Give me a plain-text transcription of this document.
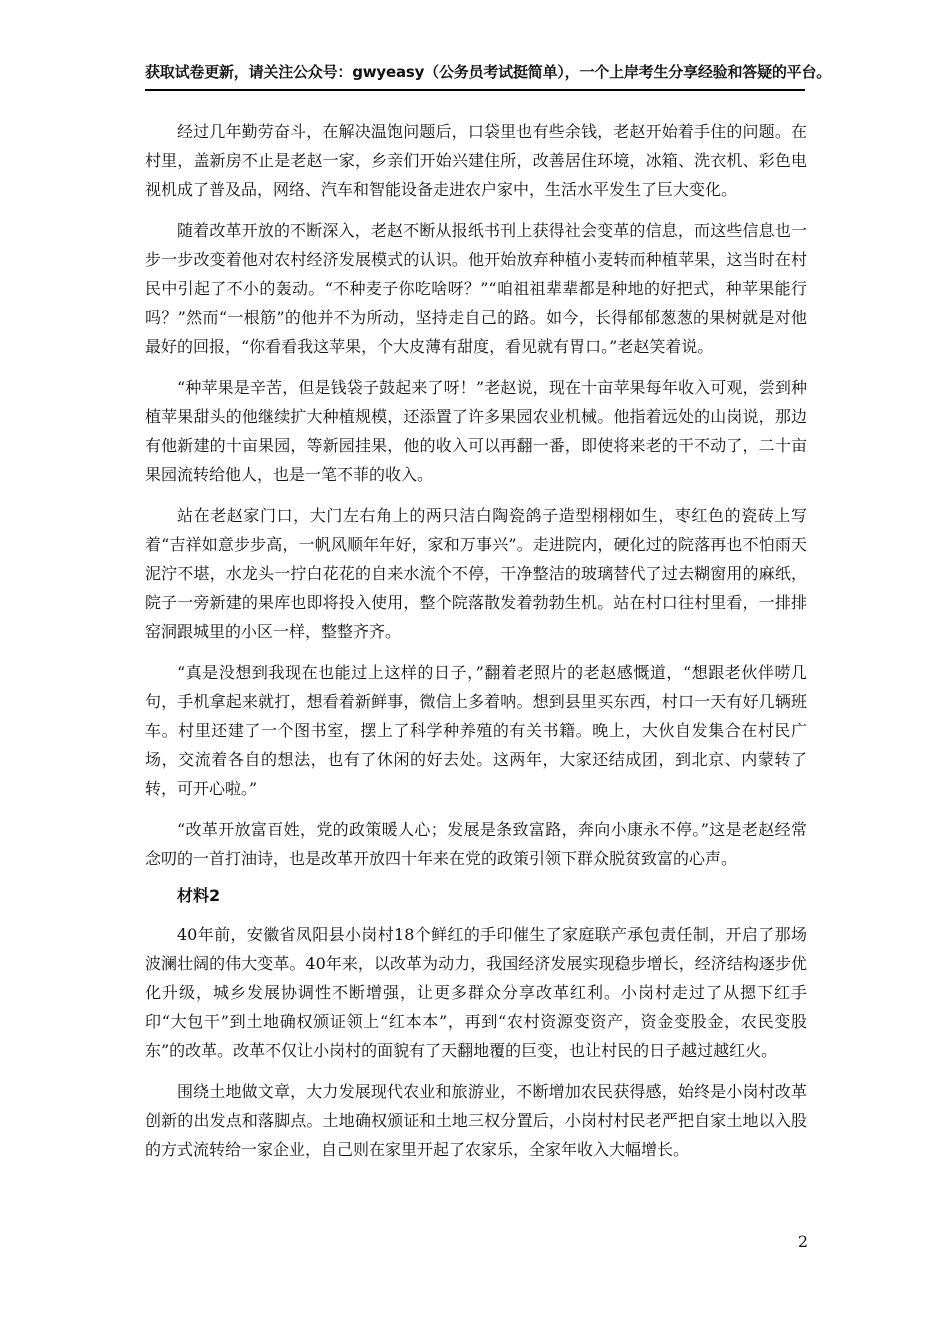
获取试卷更新，请关注公众号：gwyeasy（公务员考试挺简单），一个上岸考生分享经验和答疑的平台。

经过几年勤劳奋斗，在解决温饱问题后，口袋里也有些余钱，老赵开始着手住的问题。在村里，盖新房不止是老赵一家，乡亲们开始兴建住所，改善居住环境，冰箱、洗衣机、彩色电视机成了普及品，网络、汽车和智能设备走进农户家中，生活水平发生了巨大变化。

随着改革开放的不断深入，老赵不断从报纸书刊上获得社会变革的信息，而这些信息也一步一步改变着他对农村经济发展模式的认识。他开始放弃种植小麦转而种植苹果，这当时在村民中引起了不小的轰动。“不种麦子你吃啥呀？”“咱祖祖辈辈都是种地的好把式，种苹果能行吗？”然而“一根筋”的他并不为所动，坚持走自己的路。如今，长得郁郁葱葱的果树就是对他最好的回报，“你看看我这苹果，个大皮薄有甜度，看见就有胃口。”老赵笑着说。

“种苹果是辛苦，但是钱袋子鼓起来了呀！”老赵说，现在十亩苹果每年收入可观，尝到种植苹果甜头的他继续扩大种植规模，还添置了许多果园农业机械。他指着远处的山岗说，那边有他新建的十亩果园，等新园挂果，他的收入可以再翻一番，即使将来老的干不动了，二十亩果园流转给他人，也是一笔不菲的收入。

站在老赵家门口，大门左右角上的两只洁白陶瓷鸽子造型栩栩如生，枣红色的瓷砖上写着“吉祥如意步步高，一帆风顺年年好，家和万事兴”。走进院内，硬化过的院落再也不怕雨天泥泞不堪，水龙头一拧白花花的自来水流个不停，干净整洁的玻璃替代了过去糊窗用的麻纸，院子一旁新建的果库也即将投入使用，整个院落散发着勃勃生机。站在村口往村里看，一排排窑洞跟城里的小区一样，整整齐齐。

“真是没想到我现在也能过上这样的日子，”翻着老照片的老赵感慨道，“想跟老伙伴唠几句，手机拿起来就打，想看着新鲜事，微信上多着呐。想到县里买东西，村口一天有好几辆班车。村里还建了一个图书室，摆上了科学种养殖的有关书籍。晚上，大伙自发集合在村民广场，交流着各自的想法，也有了休闲的好去处。这两年，大家还结成团，到北京、内蒙转了转，可开心啦。”

“改革开放富百姓，党的政策暖人心；发展是条致富路，奔向小康永不停。”这是老赵经常念叨的一首打油诗，也是改革开放四十年来在党的政策引领下群众脱贫致富的心声。

材料2

40年前，安徽省凤阳县小岗村18个鲜红的手印催生了家庭联产承包责任制，开启了那场波澜壮阔的伟大变革。40年来，以改革为动力，我国经济发展实现稳步增长，经济结构逐步优化升级，城乡发展协调性不断增强，让更多群众分享改革红利。小岗村走过了从摁下红手印“大包干”到土地确权颁证领上“红本本”，再到“农村资源变资产，资金变股金，农民变股东”的改革。改革不仅让小岗村的面貌有了天翻地覆的巨变，也让村民的日子越过越红火。

围绕土地做文章，大力发展现代农业和旅游业，不断增加农民获得感，始终是小岗村改革创新的出发点和落脚点。土地确权颁证和土地三权分置后，小岗村村民老严把自家土地以入股的方式流转给一家企业，自己则在家里开起了农家乐，全家年收入大幅增长。

2
